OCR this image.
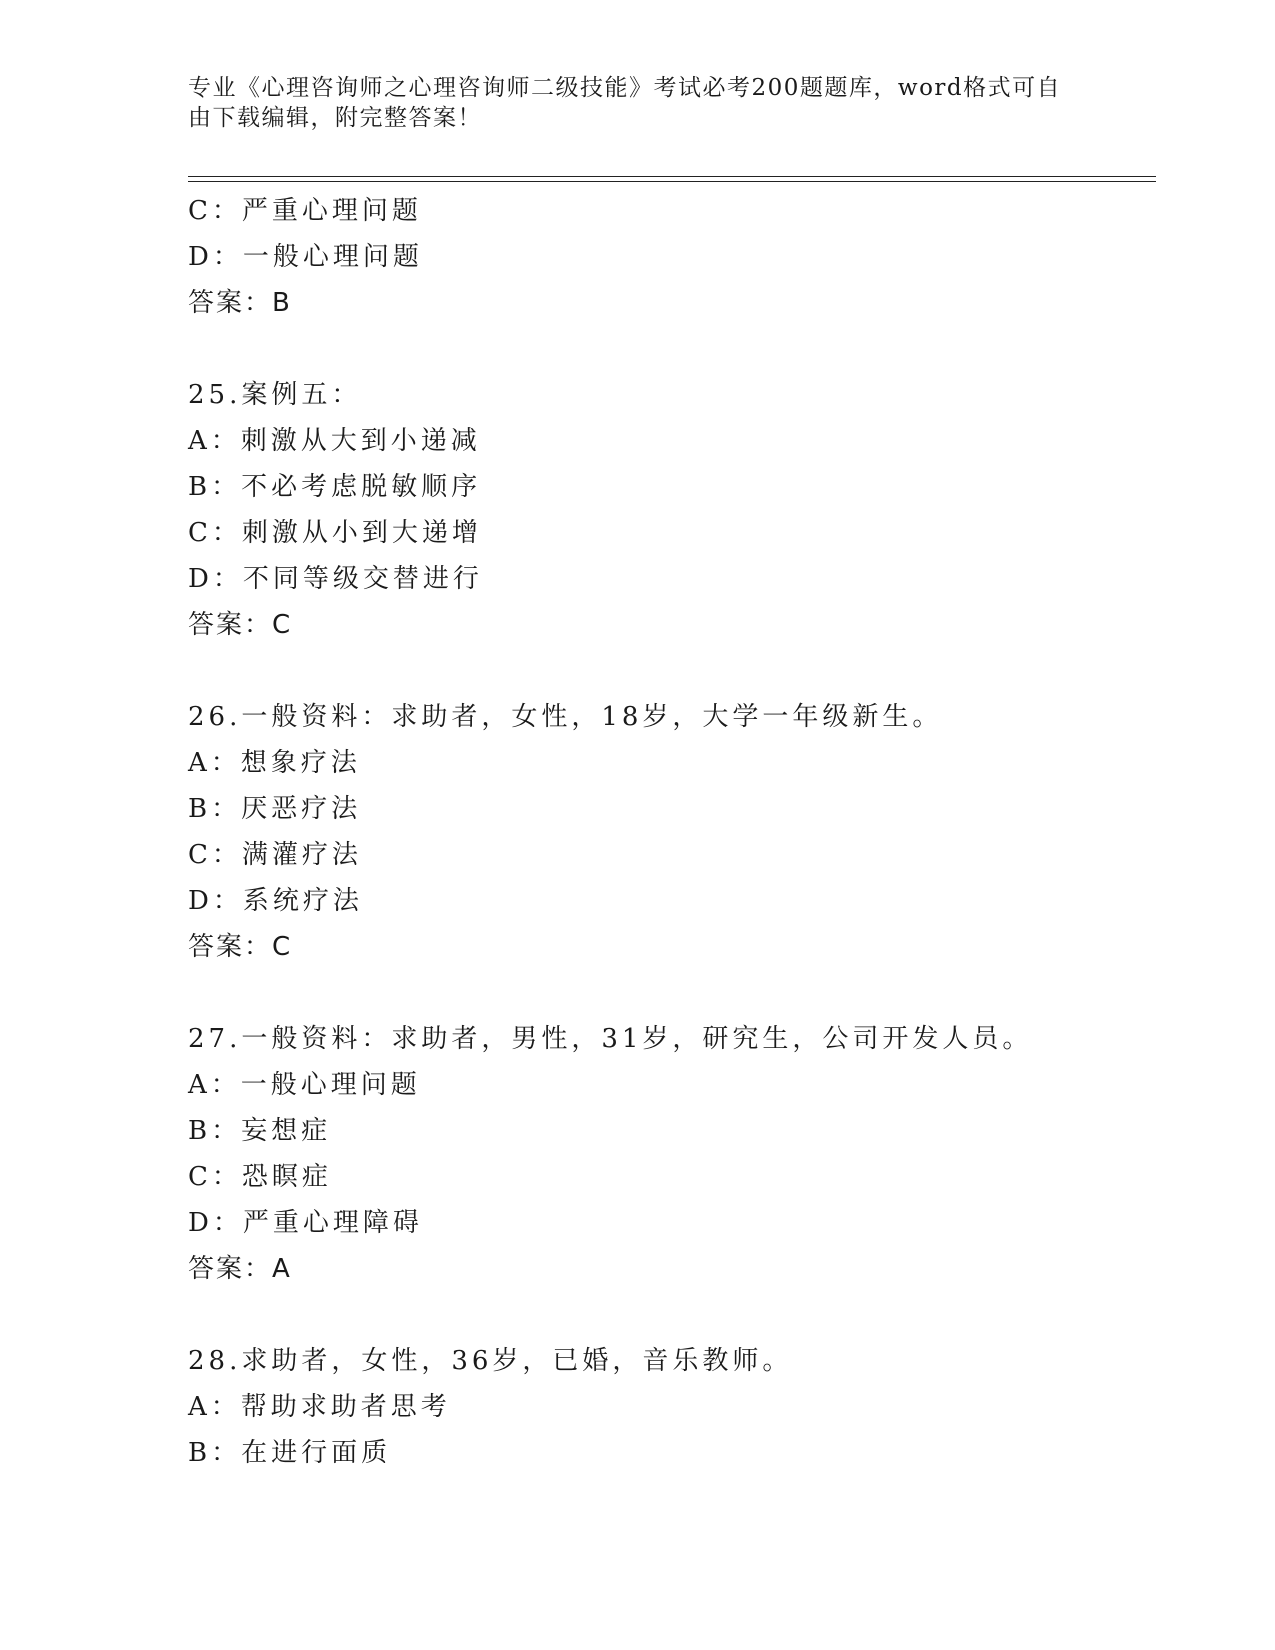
专业《心理咨询师之心理咨询师二级技能》考试必考200题题库，word格式可自
由下载编辑，附完整答案！
C：严重心理问题
D：一般心理问题
答案：B
25.案例五：
A：刺激从大到小递减
B：不必考虑脱敏顺序
C：刺激从小到大递增
D：不同等级交替进行
答案：C
26.一般资料：求助者，女性，18岁，大学一年级新生。
A：想象疗法
B：厌恶疗法
C：满灌疗法
D：系统疗法
答案：C
27.一般资料：求助者，男性，31岁，研究生，公司开发人员。
A：一般心理问题
B：妄想症
C：恐瞑症
D：严重心理障碍
答案：A
28.求助者，女性，36岁，已婚，音乐教师。
A：帮助求助者思考
B：在进行面质
